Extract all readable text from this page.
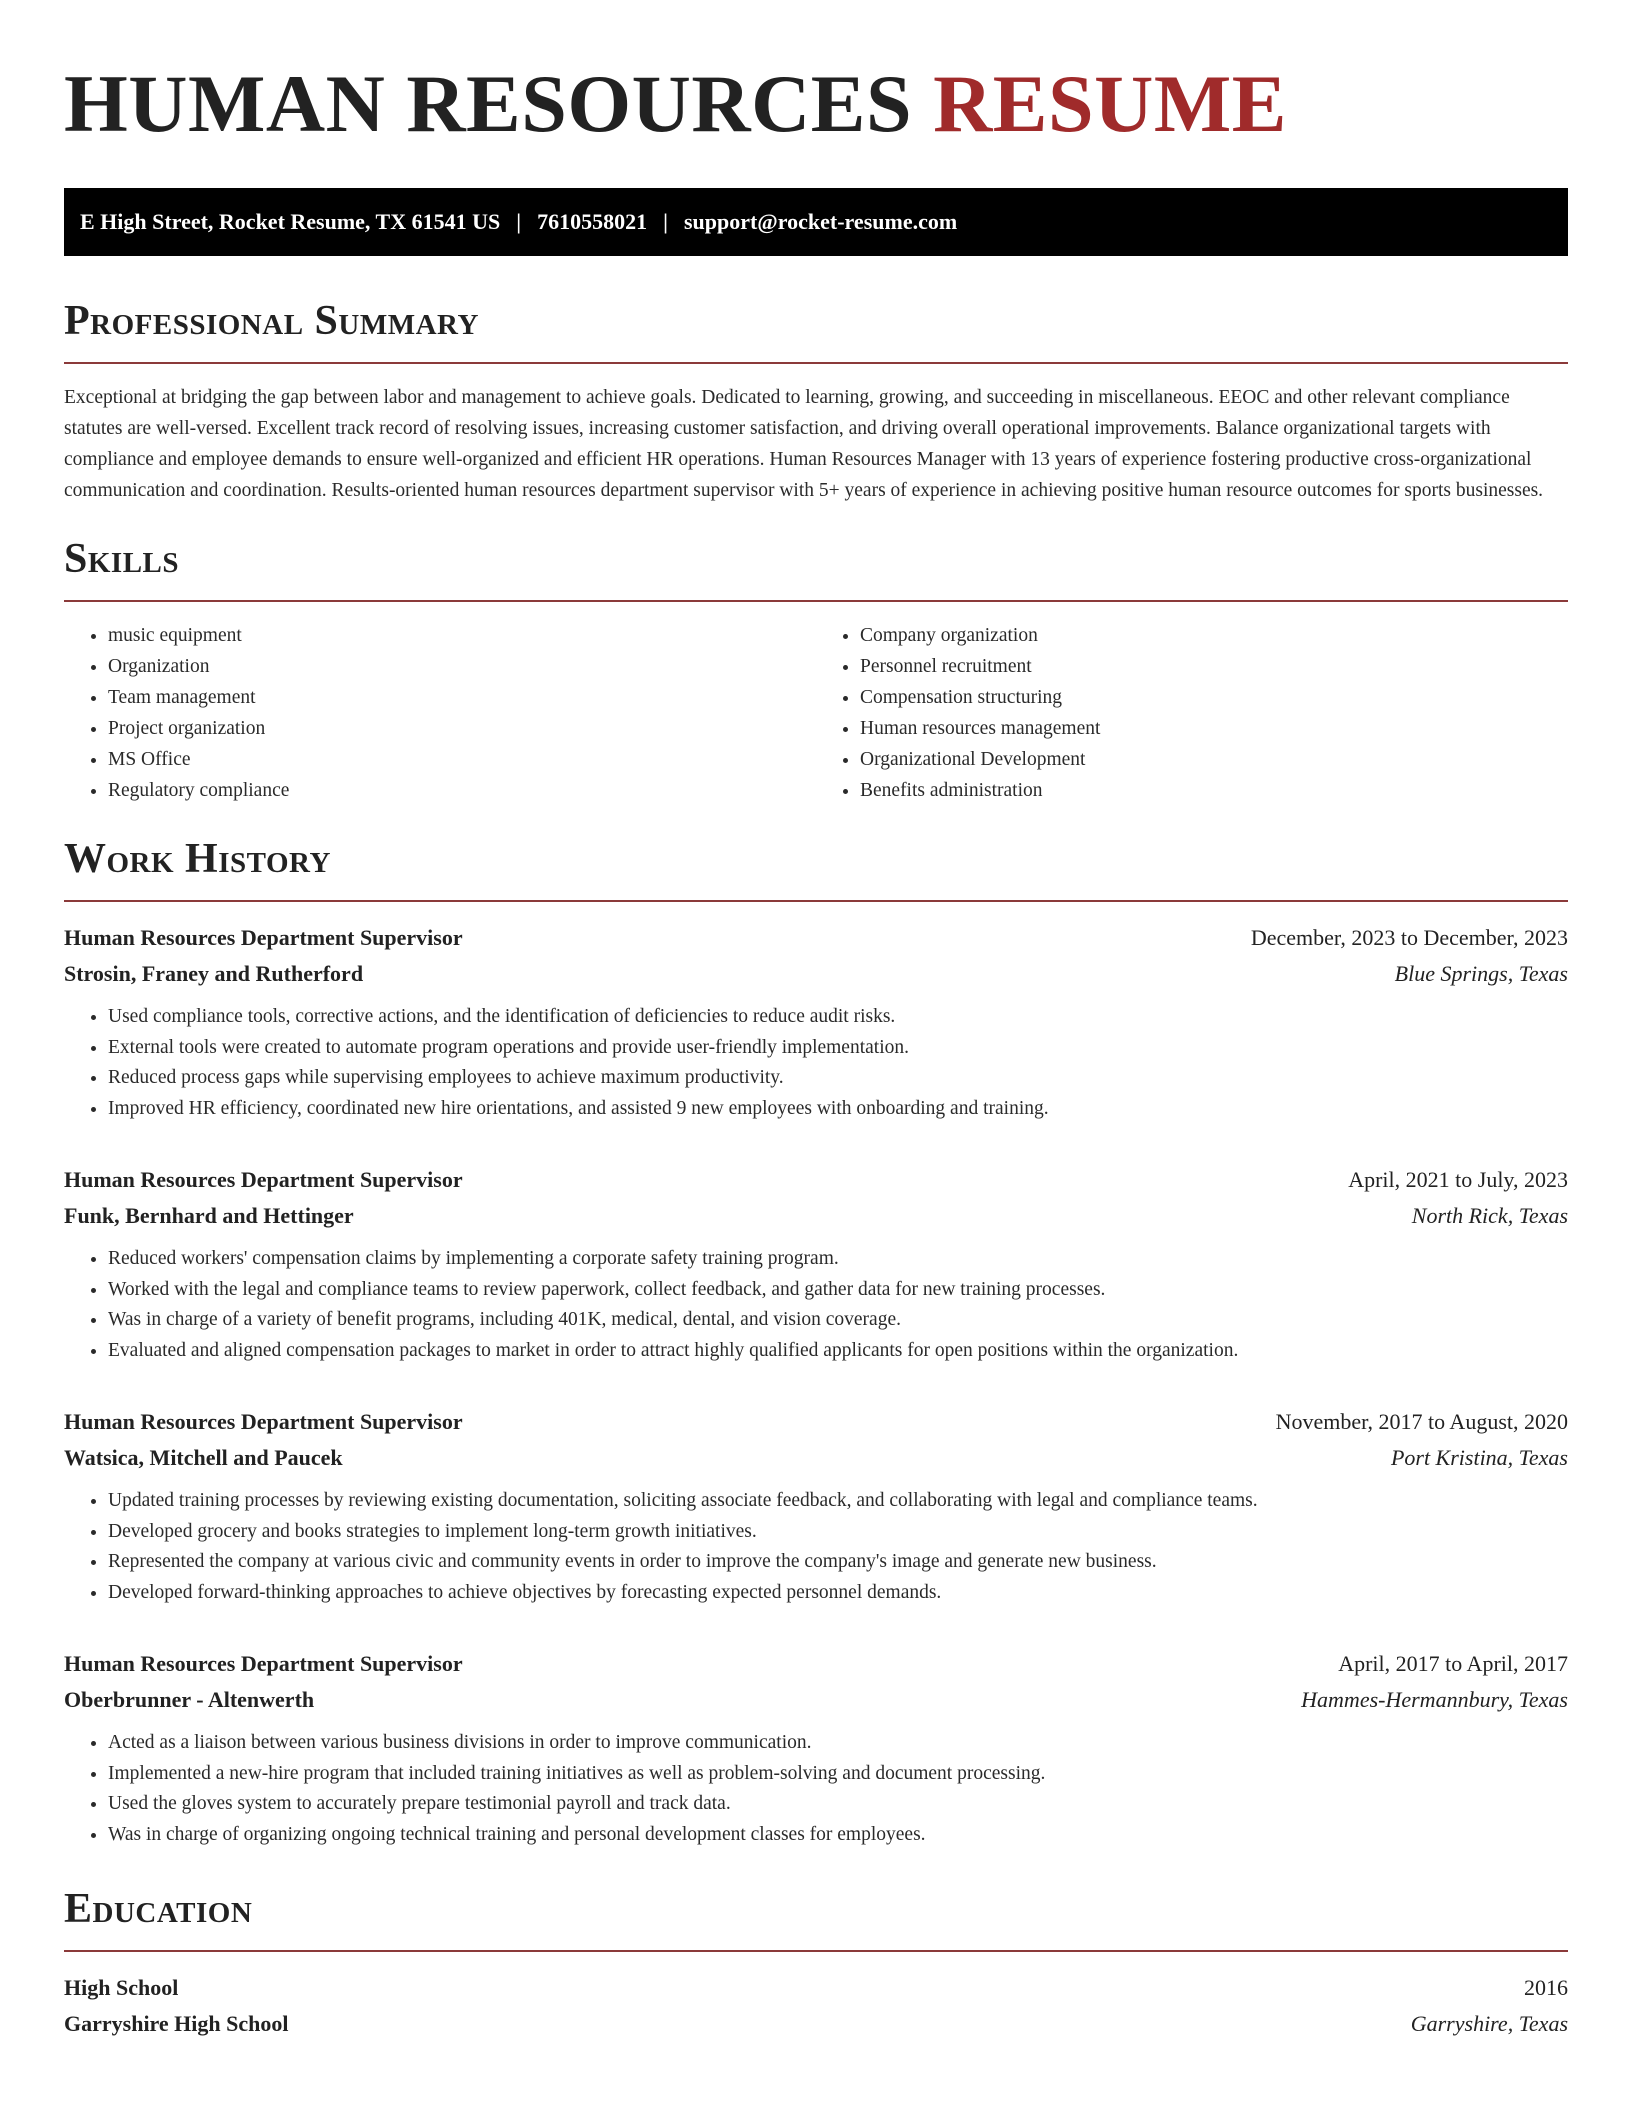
HUMAN RESOURCES RESUME
E High Street, Rocket Resume, TX 61541 US | 7610558021 | support@rocket-resume.com
Professional Summary

Exceptional at bridging the gap between labor and management to achieve goals. Dedicated to learning, growing, and succeeding in miscellaneous. EEOC and other relevant compliance statutes are well-versed. Excellent track record of resolving issues, increasing customer satisfaction, and driving overall operational improvements. Balance organizational targets with compliance and employee demands to ensure well-organized and efficient HR operations. Human Resources Manager with 13 years of experience fostering productive cross-organizational communication and coordination. Results-oriented human resources department supervisor with 5+ years of experience in achieving positive human resource outcomes for sports businesses.

Skills
• music equipment
• Organization
• Team management
• Project organization
• MS Office
• Regulatory compliance
• Company organization
• Personnel recruitment
• Compensation structuring
• Human resources management
• Organizational Development
• Benefits administration
Work History
Human Resources Department Supervisor	December, 2023 to December, 2023
Strosin, Franey and Rutherford	Blue Springs, Texas
• Used compliance tools, corrective actions, and the identification of deficiencies to reduce audit risks.
• External tools were created to automate program operations and provide user-friendly implementation.
• Reduced process gaps while supervising employees to achieve maximum productivity.
• Improved HR efficiency, coordinated new hire orientations, and assisted 9 new employees with onboarding and training.
Human Resources Department Supervisor	April, 2021 to July, 2023
Funk, Bernhard and Hettinger	North Rick, Texas
• Reduced workers' compensation claims by implementing a corporate safety training program.
• Worked with the legal and compliance teams to review paperwork, collect feedback, and gather data for new training processes.
• Was in charge of a variety of benefit programs, including 401K, medical, dental, and vision coverage.
• Evaluated and aligned compensation packages to market in order to attract highly qualified applicants for open positions within the organization.
Human Resources Department Supervisor	November, 2017 to August, 2020
Watsica, Mitchell and Paucek	Port Kristina, Texas
• Updated training processes by reviewing existing documentation, soliciting associate feedback, and collaborating with legal and compliance teams.
• Developed grocery and books strategies to implement long-term growth initiatives.
• Represented the company at various civic and community events in order to improve the company's image and generate new business.
• Developed forward-thinking approaches to achieve objectives by forecasting expected personnel demands.
Human Resources Department Supervisor	April, 2017 to April, 2017
Oberbrunner - Altenwerth	Hammes-Hermannbury, Texas
• Acted as a liaison between various business divisions in order to improve communication.
• Implemented a new-hire program that included training initiatives as well as problem-solving and document processing.
• Used the gloves system to accurately prepare testimonial payroll and track data.
• Was in charge of organizing ongoing technical training and personal development classes for employees.
Education
High School	2016
Garryshire High School	Garryshire, Texas
